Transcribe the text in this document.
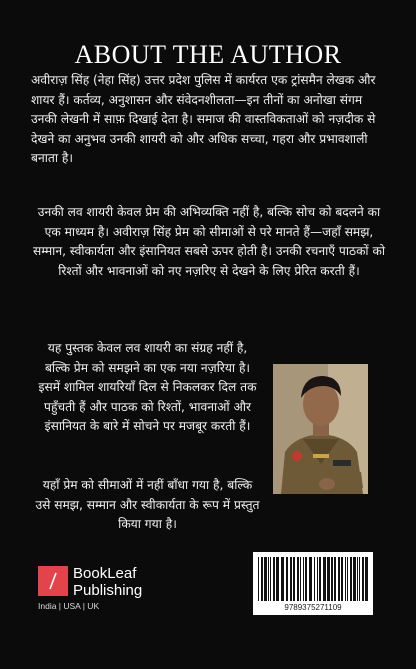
ABOUT THE AUTHOR
अवीराज़ सिंह (नेहा सिंह) उत्तर प्रदेश पुलिस में कार्यरत एक ट्रांसमैन लेखक और शायर हैं। कर्तव्य, अनुशासन और संवेदनशीलता—इन तीनों का अनोखा संगम उनकी लेखनी में साफ़ दिखाई देता है। समाज की वास्तविकताओं को नज़दीक से देखने का अनुभव उनकी शायरी को और अधिक सच्चा, गहरा और प्रभावशाली बनाता है।
उनकी लव शायरी केवल प्रेम की अभिव्यक्ति नहीं है, बल्कि सोच को बदलने का एक माध्यम है। अवीराज़ सिंह प्रेम को सीमाओं से परे मानते हैं—जहाँ समझ, सम्मान, स्वीकार्यता और इंसानियत सबसे ऊपर होती है। उनकी रचनाएँ पाठकों को रिश्तों और भावनाओं को नए नज़रिए से देखने के लिए प्रेरित करती हैं।
यह पुस्तक केवल लव शायरी का संग्रह नहीं है, बल्कि प्रेम को समझने का एक नया नज़रिया है। इसमें शामिल शायरियाँ दिल से निकलकर दिल तक पहुँचती हैं और पाठक को रिश्तों, भावनाओं और इंसानियत के बारे में सोचने पर मजबूर करती हैं।
यहाँ प्रेम को सीमाओं में नहीं बाँधा गया है, बल्कि उसे समझ, सम्मान और स्वीकार्यता के रूप में प्रस्तुत किया गया है।
BookLeaf
Publishing
India | USA | UK	9789375271109
